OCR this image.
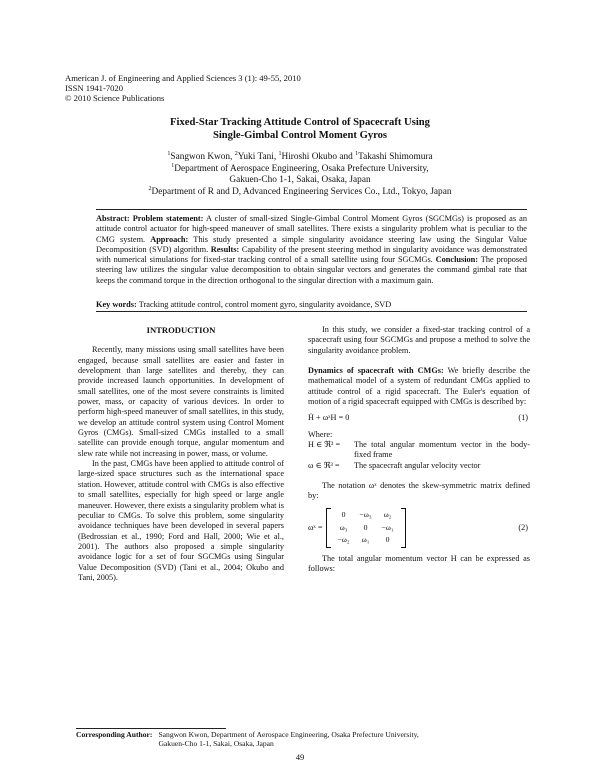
American J. of Engineering and Applied Sciences 3 (1): 49-55, 2010
ISSN 1941-7020
© 2010 Science Publications
Fixed-Star Tracking Attitude Control of Spacecraft Using
Single-Gimbal Control Moment Gyros
$^1$Sangwon Kwon, $^2$Yuki Tani, $^1$Hiroshi Okubo and $^1$Takashi Shimomura
$^1$Department of Aerospace Engineering, Osaka Prefecture University,
Gakuen-Cho 1-1, Sakai, Osaka, Japan
$^2$Department of R and D, Advanced Engineering Services Co., Ltd., Tokyo, Japan
Abstract: Problem statement: A cluster of small-sized Single-Gimbal Control Moment Gyros (SGCMGs) is proposed as an attitude control actuator for high-speed maneuver of small satellites. There exists a singularity problem what is peculiar to the CMG system. Approach: This study presented a simple singularity avoidance steering law using the Singular Value Decomposition (SVD) algorithm. Results: Capability of the present steering method in singularity avoidance was demonstrated with numerical simulations for fixed-star tracking control of a small satellite using four SGCMGs. Conclusion: The proposed steering law utilizes the singular value decomposition to obtain singular vectors and generates the command gimbal rate that keeps the command torque in the direction orthogonal to the singular direction with a maximum gain.
Key words: Tracking attitude control, control moment gyro, singularity avoidance, SVD
INTRODUCTION

Recently, many missions using small satellites have been engaged, because small satellites are easier and faster in development than large satellites and thereby, they can provide increased launch opportunities. In development of small satellites, one of the most severe constraints is limited power, mass, or capacity of various devices. In order to perform high-speed maneuver of small satellites, in this study, we develop an attitude control system using Control Moment Gyros (CMGs). Small-sized CMGs installed to a small satellite can provide enough torque, angular momentum and slew rate while not increasing in power, mass, or volume.

In the past, CMGs have been applied to attitude control of large-sized space structures such as the international space station. However, attitude control with CMGs is also effective to small satellites, especially for high speed or large angle maneuver. However, there exists a singularity problem what is peculiar to CMGs. To solve this problem, some singularity avoidance techniques have been developed in several papers (Bedrossian et al., 1990; Ford and Hall, 2000; Wie et al., 2001). The authors also proposed a simple singularity avoidance logic for a set of four SGCMGs using Singular Value Decomposition (SVD) (Tani et al., 2004; Okubo and Tani, 2005).

In this study, we consider a fixed-star tracking control of a spacecraft using four SGCMGs and propose a method to solve the singularity avoidance problem.

Dynamics of spacecraft with CMGs: We briefly describe the mathematical model of a system of redundant CMGs applied to attitude control of a rigid spacecraft. The Euler's equation of motion of a rigid spacecraft equipped with CMGs is described by:

Ḣ + ωˣH = 0	(1)

Where:

H ∈ ℜ³ =	The total angular momentum vector in the body-fixed frame
ω ∈ ℜ³ =	The spacecraft angular velocity vector

The notation ωˣ denotes the skew-symmetric matrix defined by:

ωˣ =
0	−ω₃	ω₂
ω₃	0	−ω₁
−ω₂	ω₁	0
(2)

The total angular momentum vector H can be expressed as follows:

Corresponding Author: Sangwon Kwon, Department of Aerospace Engineering, Osaka Prefecture University,
Gakuen-Cho 1-1, Sakai, Osaka, Japan
49
